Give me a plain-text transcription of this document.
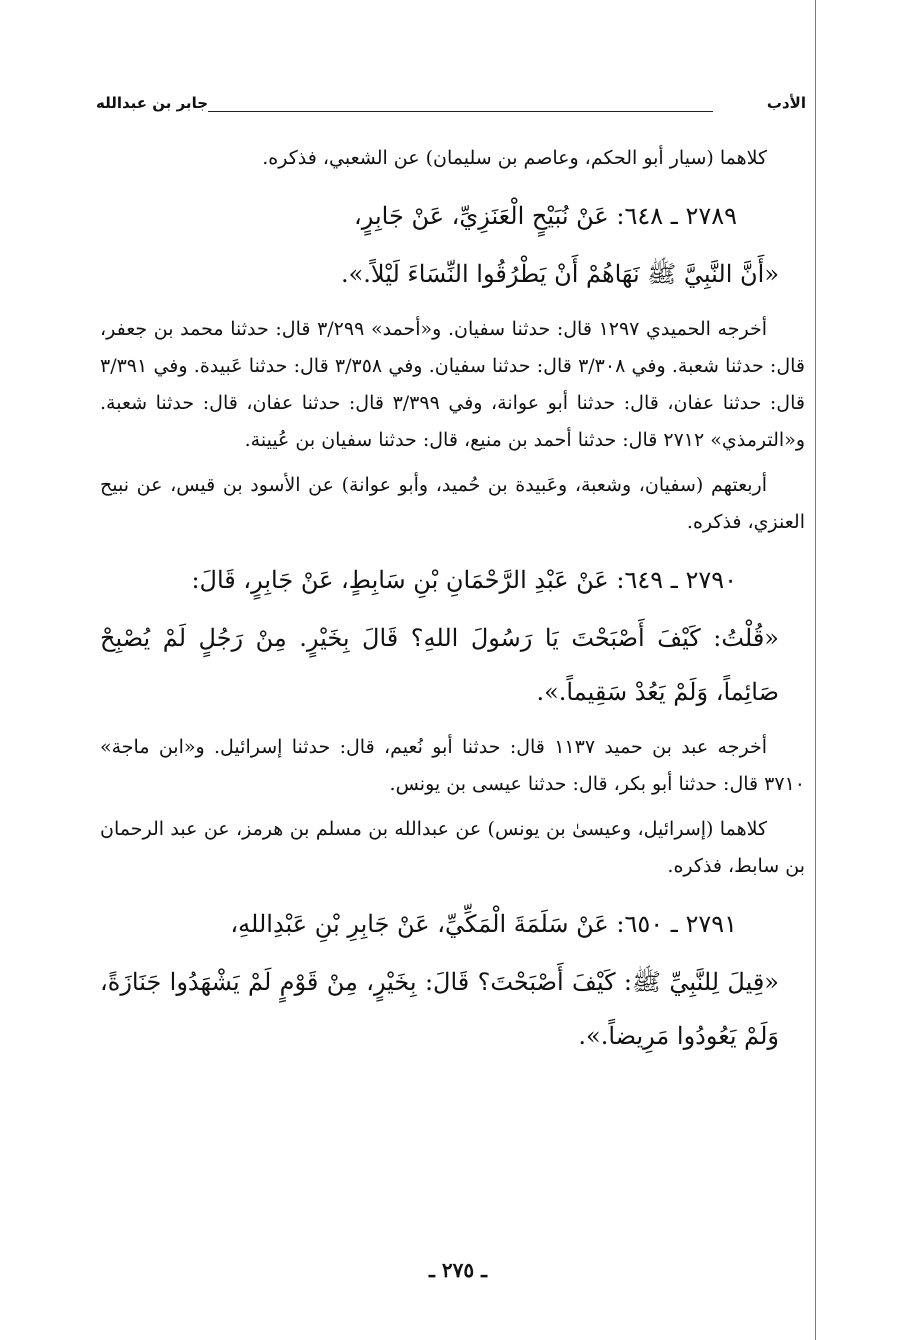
الأدب
جابر بن عبدالله

كلاهما (سيار أبو الحكم، وعاصم بن سليمان) عن الشعبي، فذكره.

٢٧٨٩ ـ ٦٤٨: عَنْ نُبَيْحٍ الْعَنَزِيِّ، عَنْ جَابِرٍ،

«أَنَّ النَّبِيَّ ﷺ نَهَاهُمْ أَنْ يَطْرُقُوا النِّسَاءَ لَيْلاً.».

أخرجه الحميدي ١٢٩٧ قال: حدثنا سفيان. و«أحمد» ٣/٢٩٩ قال: حدثنا محمد بن جعفر، قال: حدثنا شعبة. وفي ٣/٣٠٨ قال: حدثنا سفيان. وفي ٣/٣٥٨ قال: حدثنا عَبيدة. وفي ٣/٣٩١ قال: حدثنا عفان، قال: حدثنا أبو عوانة، وفي ٣/٣٩٩ قال: حدثنا عفان، قال: حدثنا شعبة. و«الترمذي» ٢٧١٢ قال: حدثنا أحمد بن منيع، قال: حدثنا سفيان بن عُيينة.

أربعتهم (سفيان، وشعبة، وعَبيدة بن حُميد، وأبو عوانة) عن الأسود بن قيس، عن نبيح العنزي، فذكره.

٢٧٩٠ ـ ٦٤٩: عَنْ عَبْدِ الرَّحْمَانِ بْنِ سَابِطٍ، عَنْ جَابِرٍ، قَالَ:

«قُلْتُ: كَيْفَ أَصْبَحْتَ يَا رَسُولَ اللهِ؟ قَالَ بِخَيْرٍ. مِنْ رَجُلٍ لَمْ يُصْبِحْ صَائِماً، وَلَمْ يَعُدْ سَقِيماً.».

أخرجه عبد بن حميد ١١٣٧ قال: حدثنا أبو نُعيم، قال: حدثنا إسرائيل. و«ابن ماجة» ٣٧١٠ قال: حدثنا أبو بكر، قال: حدثنا عيسى بن يونس.

كلاهما (إسرائيل، وعيسىٰ بن يونس) عن عبدالله بن مسلم بن هرمز، عن عبد الرحمان بن سابط، فذكره.

٢٧٩١ ـ ٦٥٠: عَنْ سَلَمَةَ الْمَكِّيِّ، عَنْ جَابِرِ بْنِ عَبْدِاللهِ،

«قِيلَ لِلنَّبِيِّ ﷺ: كَيْفَ أَصْبَحْتَ؟ قَالَ: بِخَيْرٍ، مِنْ قَوْمٍ لَمْ يَشْهَدُوا جَنَازَةً، وَلَمْ يَعُودُوا مَرِيضاً.».

ـ ٢٧٥ ـ
